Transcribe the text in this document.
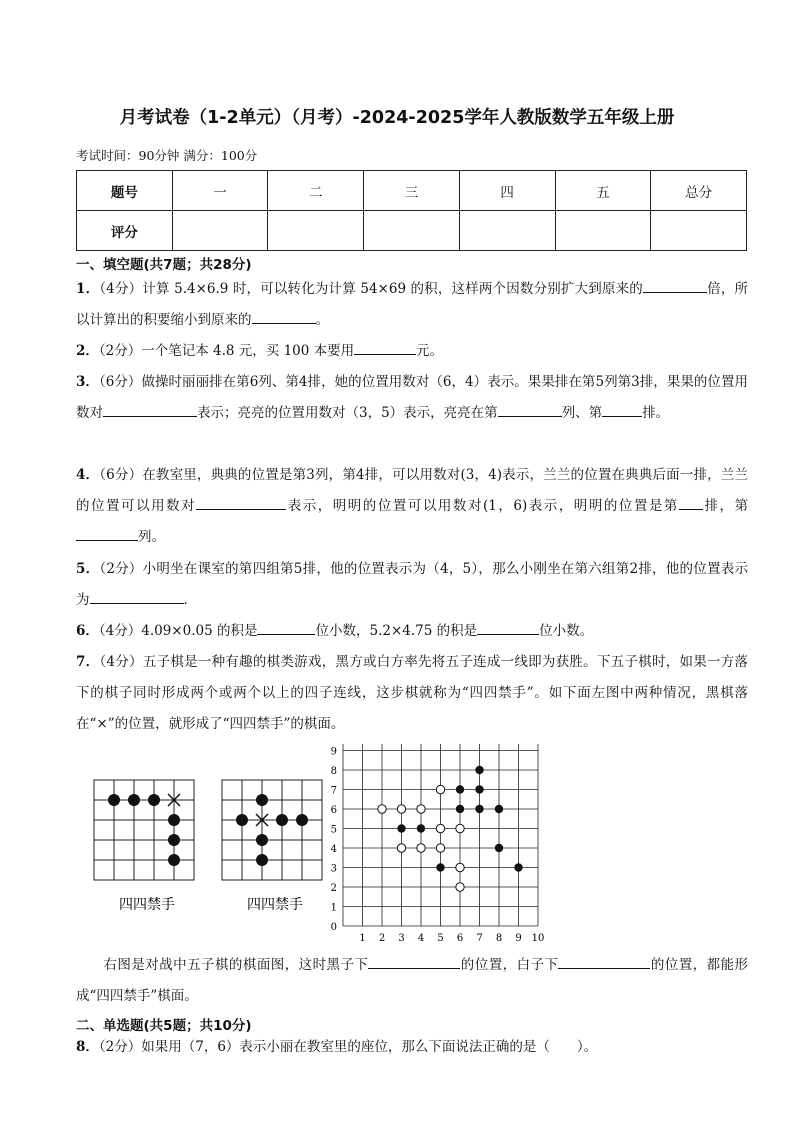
月考试卷（1-2单元）（月考）-2024-2025学年人教版数学五年级上册
考试时间：90分钟 满分：100分
题号	一	二	三	四	五	总分
评分						
一、填空题(共7题；共28分)
1．（4分）计算 5.4×6.9 时，可以转化为计算 54×69 的积，这样两个因数分别扩大到原来的	倍，所以计算出的积要缩小到原来的	。
2．（2分）一个笔记本 4.8 元，买 100 本要用	元。
3．（6分）做操时丽丽排在第6列、第4排，她的位置用数对（6，4）表示。果果排在第5列第3排，果果的位置用数对	表示；亮亮的位置用数对（3，5）表示，亮亮在第	列、第	排。
4．（6分）在教室里，典典的位置是第3列，第4排，可以用数对(3，4)表示，兰兰的位置在典典后面一排，兰兰的位置可以用数对	表示，明明的位置可以用数对(1，6)表示，明明的位置是第 排，第列。
5．（2分）小明坐在课室的第四组第5排，他的位置表示为（4，5），那么小刚坐在第六组第2排，他的位置表示为	．
6．（4分）4.09×0.05 的积是	位小数，5.2×4.75 的积是	位小数。
7．（4分）五子棋是一种有趣的棋类游戏，黑方或白方率先将五子连成一线即为获胜。下五子棋时，如果一方落下的棋子同时形成两个或两个以上的四子连线，这步棋就称为“四四禁手”。如下面左图中两种情况，黑棋落在“×”的位置，就形成了“四四禁手”的棋面。
四四禁手	四四禁手
1 2 3 4 5 6 7 8 9 10
0
1
2
3
4
5
6
7
8
9
右图是对战中五子棋的棋面图，这时黑子下	的位置，白子下	的位置，都能形成“四四禁手”棋面。
二、单选题(共5题；共10分)
8．（2分）如果用（7，6）表示小丽在教室里的座位，那么下面说法正确的是（　　）。
